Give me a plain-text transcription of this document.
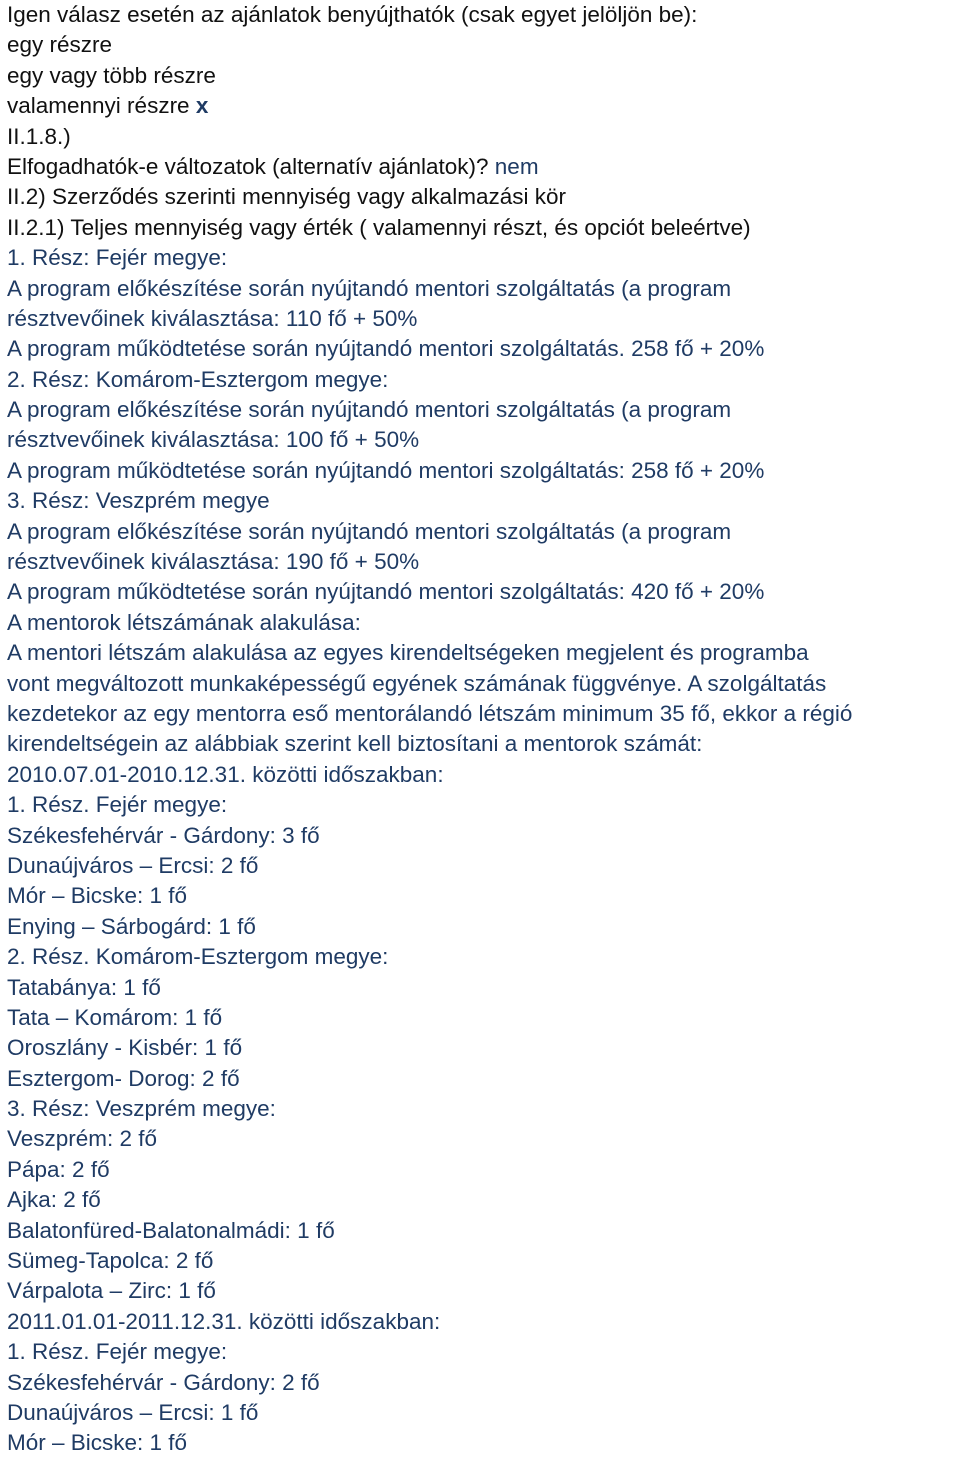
Igen válasz esetén az ajánlatok benyújthatók (csak egyet jelöljön be):
egy részre
egy vagy több részre
valamennyi részre x
II.1.8.)
Elfogadhatók-e változatok (alternatív ajánlatok)? nem
II.2) Szerződés szerinti mennyiség vagy alkalmazási kör
II.2.1) Teljes mennyiség vagy érték ( valamennyi részt, és opciót beleértve)
1. Rész: Fejér megye:
A program előkészítése során nyújtandó mentori szolgáltatás (a program
résztvevőinek kiválasztása: 110 fő + 50%
A program működtetése során nyújtandó mentori szolgáltatás. 258 fő + 20%
2. Rész: Komárom-Esztergom megye:
A program előkészítése során nyújtandó mentori szolgáltatás (a program
résztvevőinek kiválasztása: 100 fő + 50%
A program működtetése során nyújtandó mentori szolgáltatás: 258 fő + 20%
3. Rész: Veszprém megye
A program előkészítése során nyújtandó mentori szolgáltatás (a program
résztvevőinek kiválasztása: 190 fő + 50%
A program működtetése során nyújtandó mentori szolgáltatás: 420 fő + 20%
A mentorok létszámának alakulása:
A mentori létszám alakulása az egyes kirendeltségeken megjelent és programba
vont megváltozott munkaképességű egyének számának függvénye. A szolgáltatás
kezdetekor az egy mentorra eső mentorálandó létszám minimum 35 fő, ekkor a régió
kirendeltségein az alábbiak szerint kell biztosítani a mentorok számát:
2010.07.01-2010.12.31. közötti időszakban:
1. Rész. Fejér megye:
Székesfehérvár - Gárdony: 3 fő
Dunaújváros – Ercsi: 2 fő
Mór – Bicske: 1 fő
Enying – Sárbogárd: 1 fő
2. Rész. Komárom-Esztergom megye:
Tatabánya: 1 fő
Tata – Komárom: 1 fő
Oroszlány - Kisbér: 1 fő
Esztergom- Dorog: 2 fő
3. Rész: Veszprém megye:
Veszprém: 2 fő
Pápa: 2 fő
Ajka: 2 fő
Balatonfüred-Balatonalmádi: 1 fő
Sümeg-Tapolca: 2 fő
Várpalota – Zirc: 1 fő
2011.01.01-2011.12.31. közötti időszakban:
1. Rész. Fejér megye:
Székesfehérvár - Gárdony: 2 fő
Dunaújváros – Ercsi: 1 fő
Mór – Bicske: 1 fő
